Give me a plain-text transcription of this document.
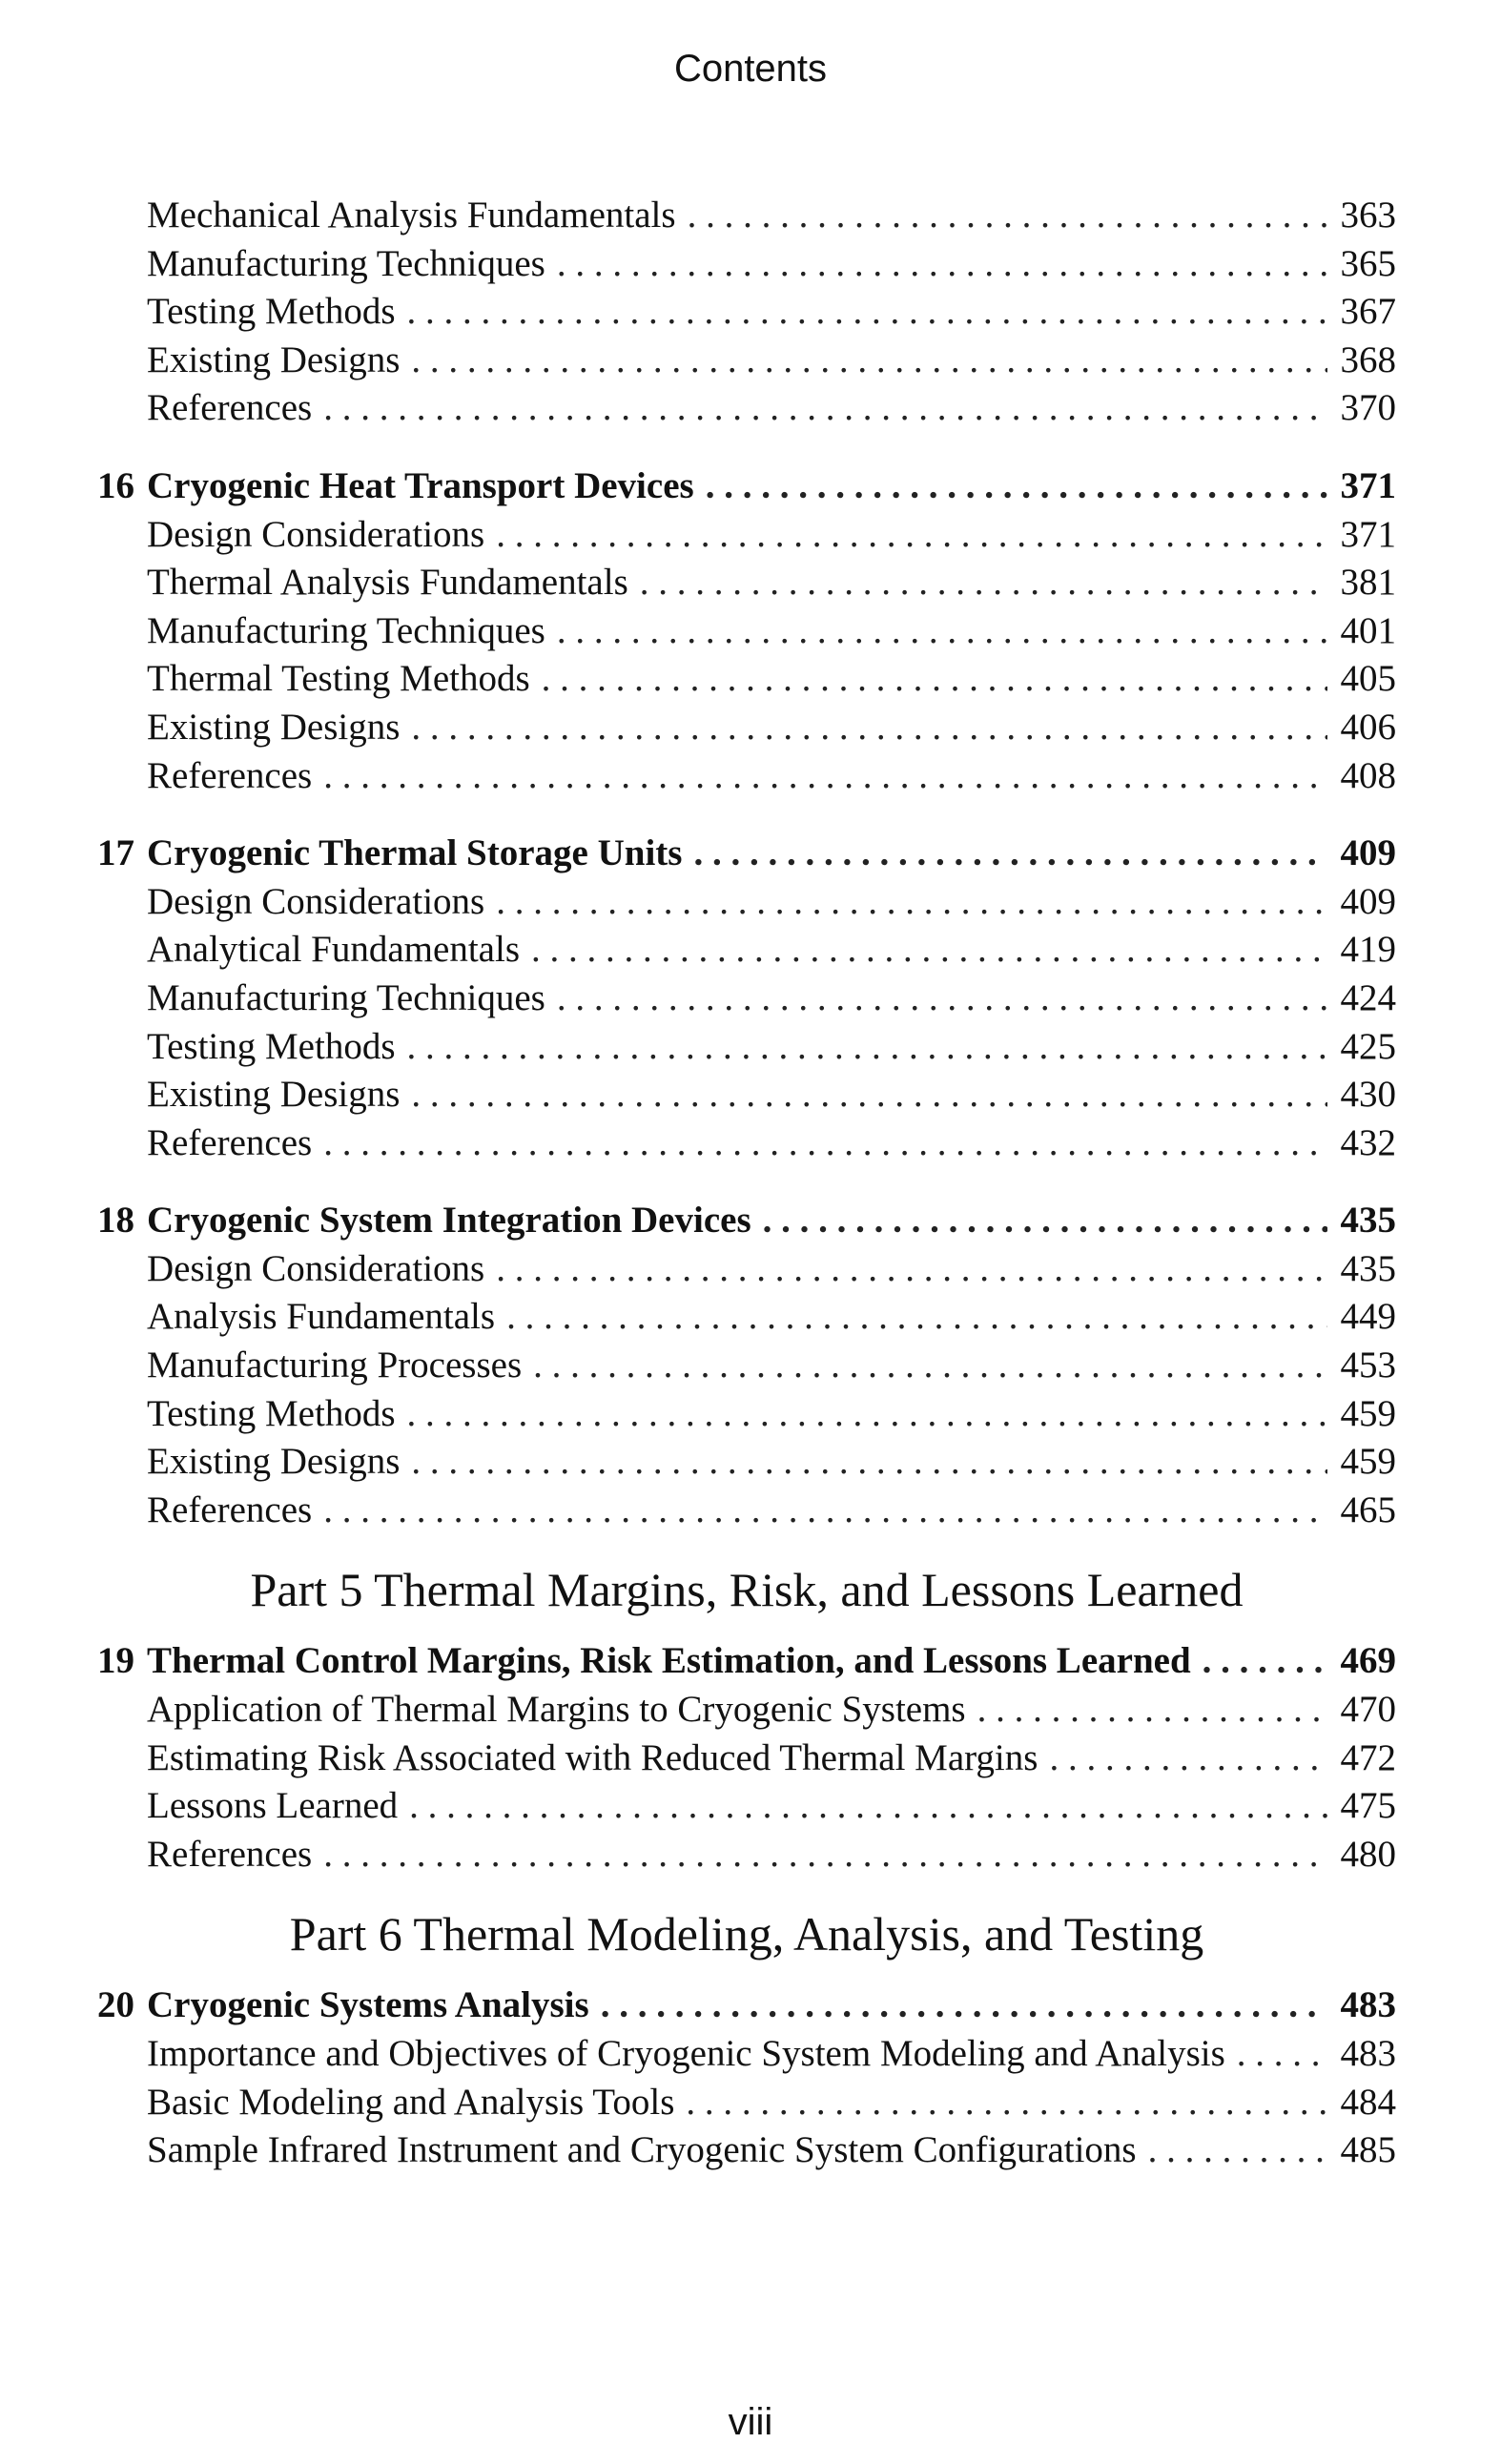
Contents
Mechanical Analysis Fundamentals . . .	363
Manufacturing Techniques . . .	365
Testing Methods . . .	367
Existing Designs . . .	368
References . . .	370
16 Cryogenic Heat Transport Devices . . .	371
Design Considerations . . .	371
Thermal Analysis Fundamentals . . .	381
Manufacturing Techniques . . .	401
Thermal Testing Methods . . .	405
Existing Designs . . .	406
References . . .	408
17 Cryogenic Thermal Storage Units . . .	409
Design Considerations . . .	409
Analytical Fundamentals . . .	419
Manufacturing Techniques . . .	424
Testing Methods . . .	425
Existing Designs . . .	430
References . . .	432
18 Cryogenic System Integration Devices . . .	435
Design Considerations . . .	435
Analysis Fundamentals . . .	449
Manufacturing Processes . . .	453
Testing Methods . . .	459
Existing Designs . . .	459
References . . .	465
Part 5 Thermal Margins, Risk, and Lessons Learned
19 Thermal Control Margins, Risk Estimation, and Lessons Learned . . .	469
Application of Thermal Margins to Cryogenic Systems . . .	470
Estimating Risk Associated with Reduced Thermal Margins . . .	472
Lessons Learned . . .	475
References . . .	480
Part 6 Thermal Modeling, Analysis, and Testing
20 Cryogenic Systems Analysis . . .	483
Importance and Objectives of Cryogenic System Modeling and Analysis . . .	483
Basic Modeling and Analysis Tools . . .	484
Sample Infrared Instrument and Cryogenic System Configurations . . .	485
viii
